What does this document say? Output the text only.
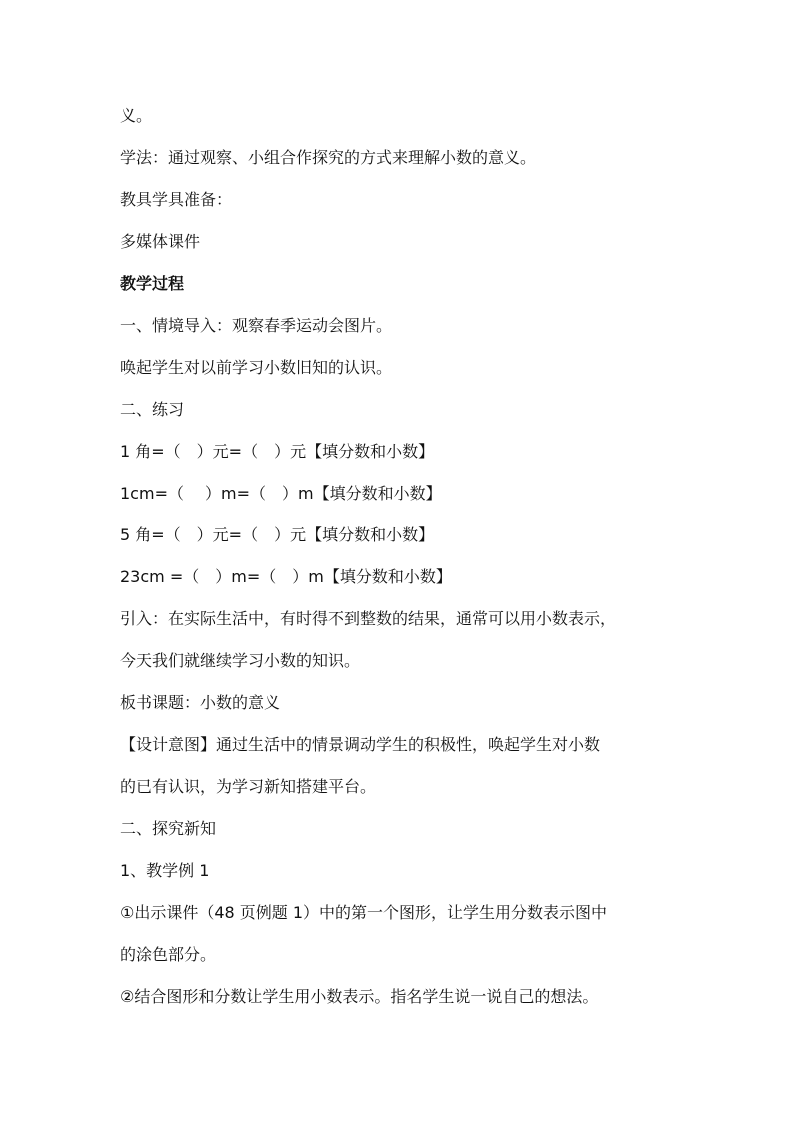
义。
学法：通过观察、小组合作探究的方式来理解小数的意义。
教具学具准备：
多媒体课件
教学过程
一、情境导入：观察春季运动会图片。
唤起学生对以前学习小数旧知的认识。
二、练习
1 角=（　）元=（　）元【填分数和小数】
1cm=（　 ）m=（　）m【填分数和小数】
5 角=（　）元=（　）元【填分数和小数】
23cm =（　）m=（　）m【填分数和小数】
引入：在实际生活中，有时得不到整数的结果，通常可以用小数表示，
今天我们就继续学习小数的知识。
板书课题：小数的意义
【设计意图】通过生活中的情景调动学生的积极性，唤起学生对小数
的已有认识，为学习新知搭建平台。
二、探究新知
1、教学例 1
①出示课件（48 页例题 1）中的第一个图形，让学生用分数表示图中
的涂色部分。
②结合图形和分数让学生用小数表示。指名学生说一说自己的想法。
